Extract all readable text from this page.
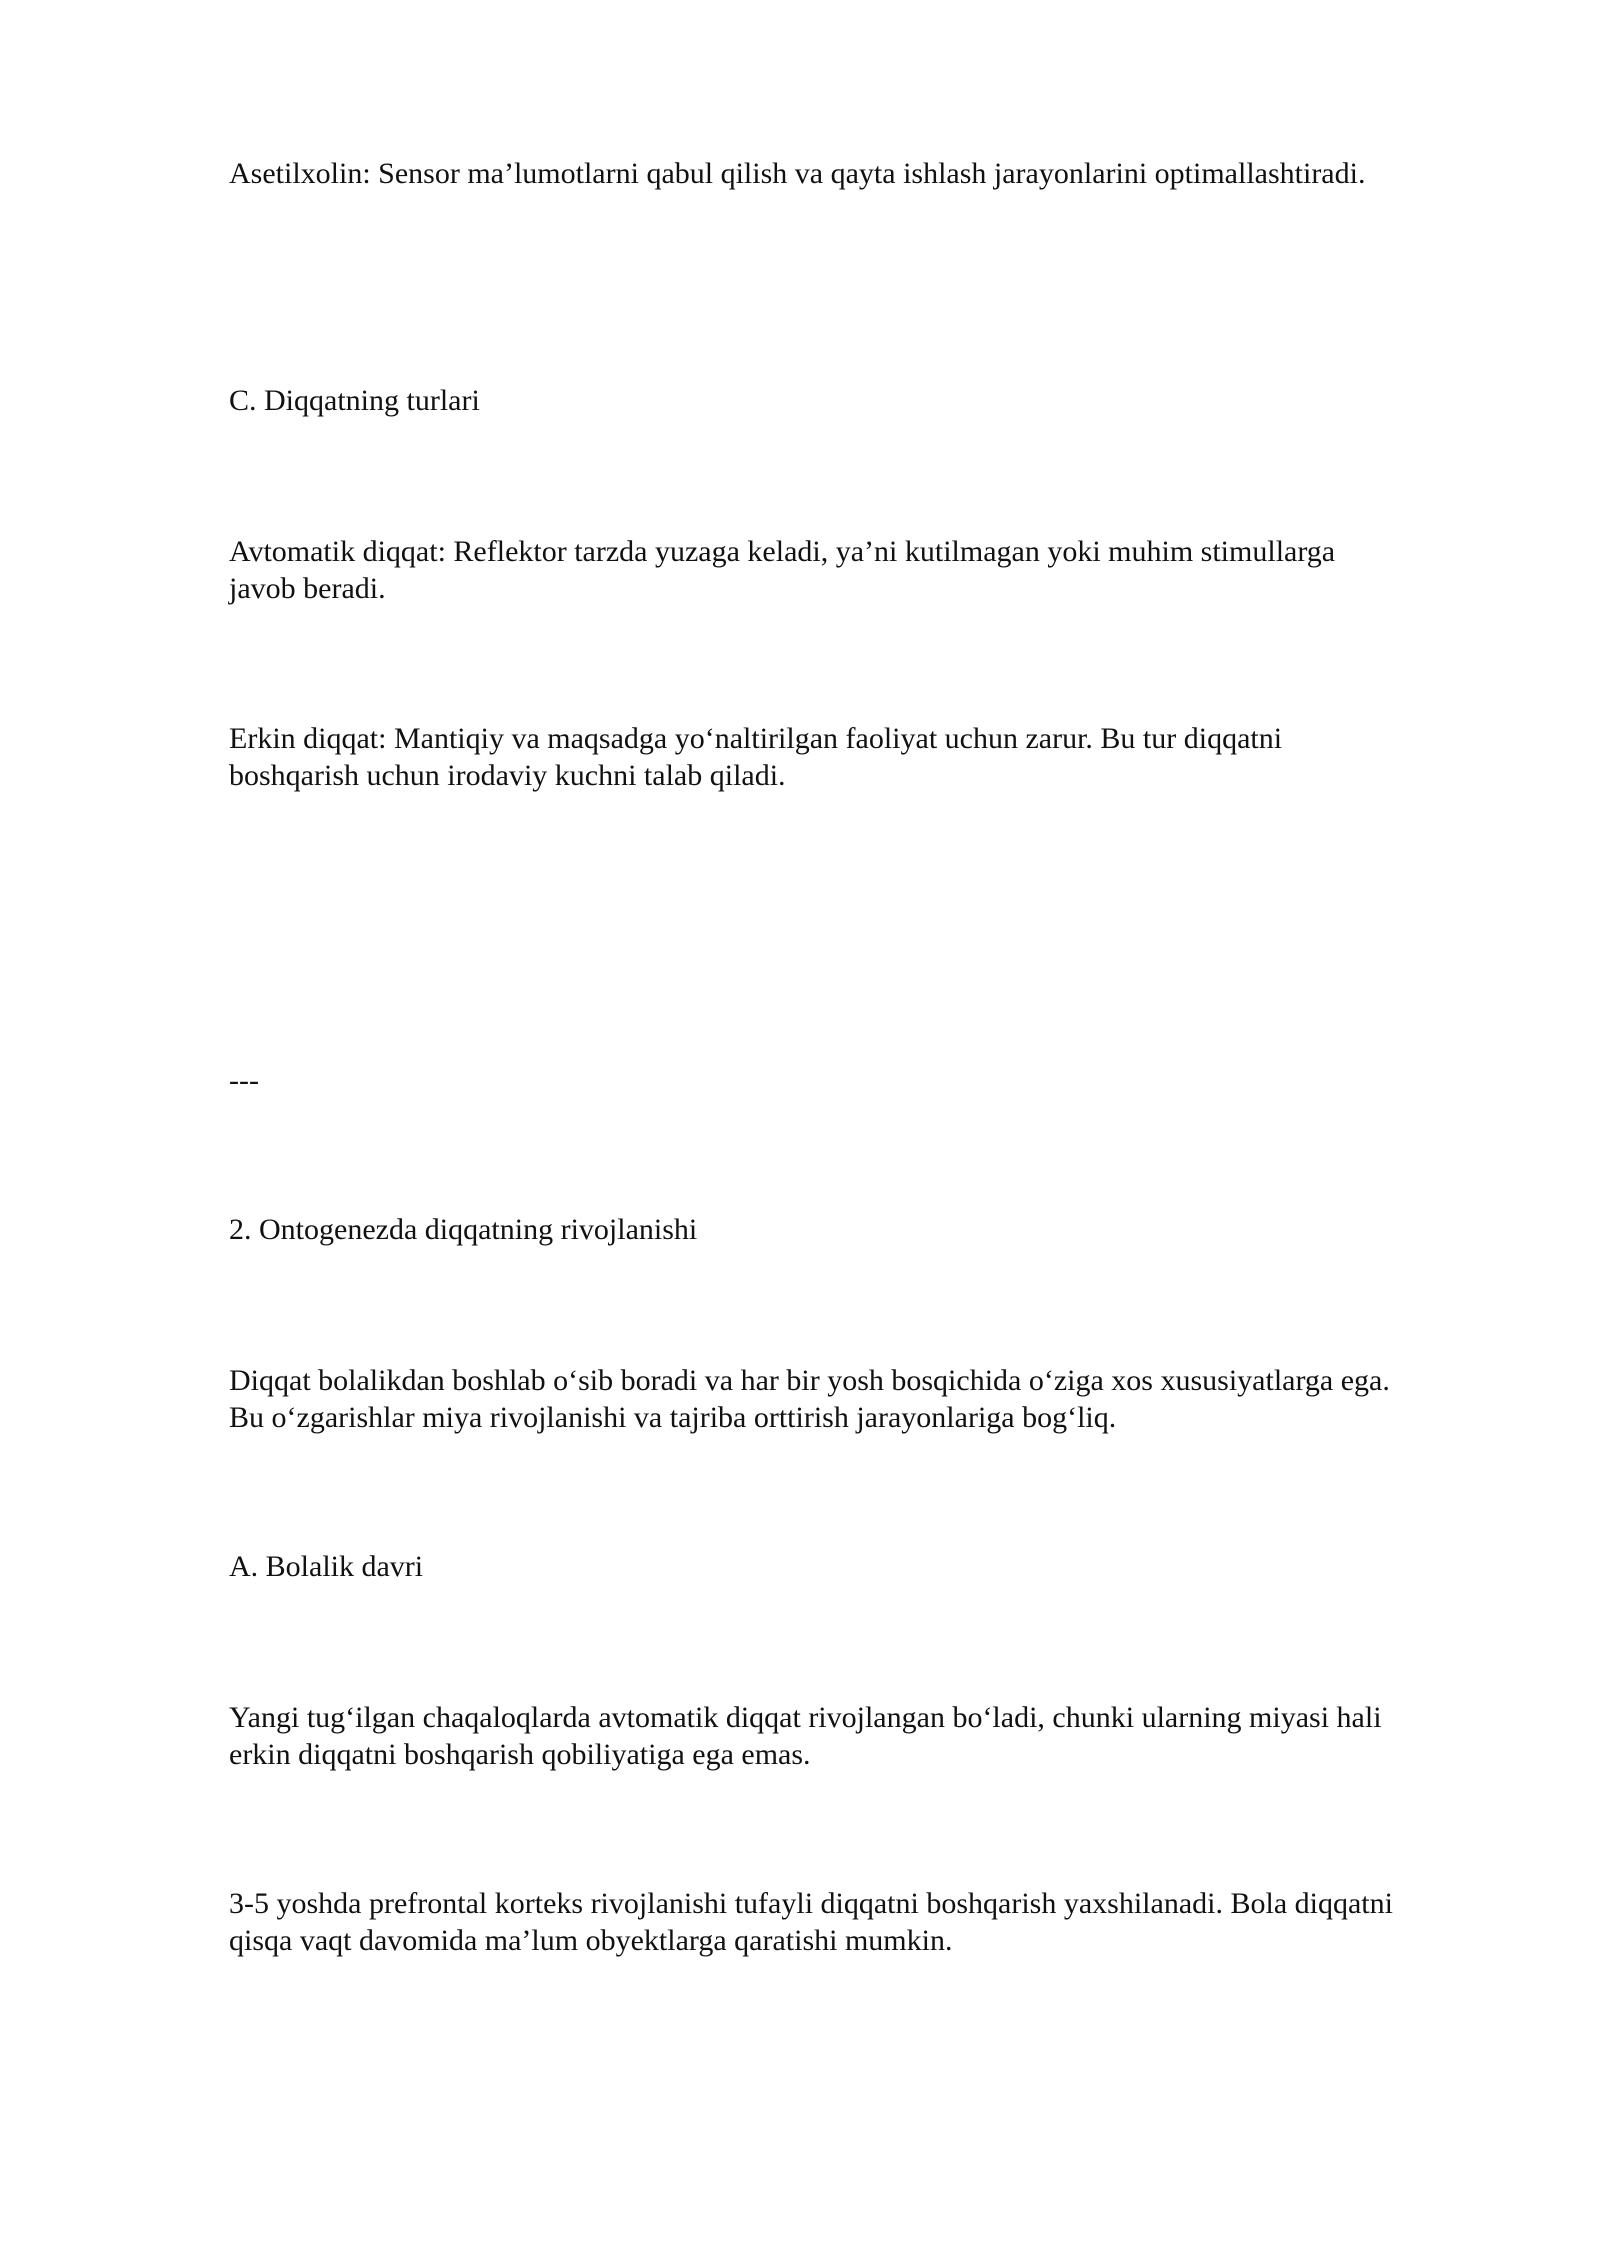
Asetilxolin: Sensor ma’lumotlarni qabul qilish va qayta ishlash jarayonlarini optimallashtiradi.

C. Diqqatning turlari

Avtomatik diqqat: Reflektor tarzda yuzaga keladi, ya’ni kutilmagan yoki muhim stimullarga

javob beradi.

Erkin diqqat: Mantiqiy va maqsadga yo‘naltirilgan faoliyat uchun zarur. Bu tur diqqatni

boshqarish uchun irodaviy kuchni talab qiladi.

---

2. Ontogenezda diqqatning rivojlanishi

Diqqat bolalikdan boshlab o‘sib boradi va har bir yosh bosqichida o‘ziga xos xususiyatlarga ega.

Bu o‘zgarishlar miya rivojlanishi va tajriba orttirish jarayonlariga bog‘liq.

A. Bolalik davri

Yangi tug‘ilgan chaqaloqlarda avtomatik diqqat rivojlangan bo‘ladi, chunki ularning miyasi hali

erkin diqqatni boshqarish qobiliyatiga ega emas.

3-5 yoshda prefrontal korteks rivojlanishi tufayli diqqatni boshqarish yaxshilanadi. Bola diqqatni

qisqa vaqt davomida ma’lum obyektlarga qaratishi mumkin.
